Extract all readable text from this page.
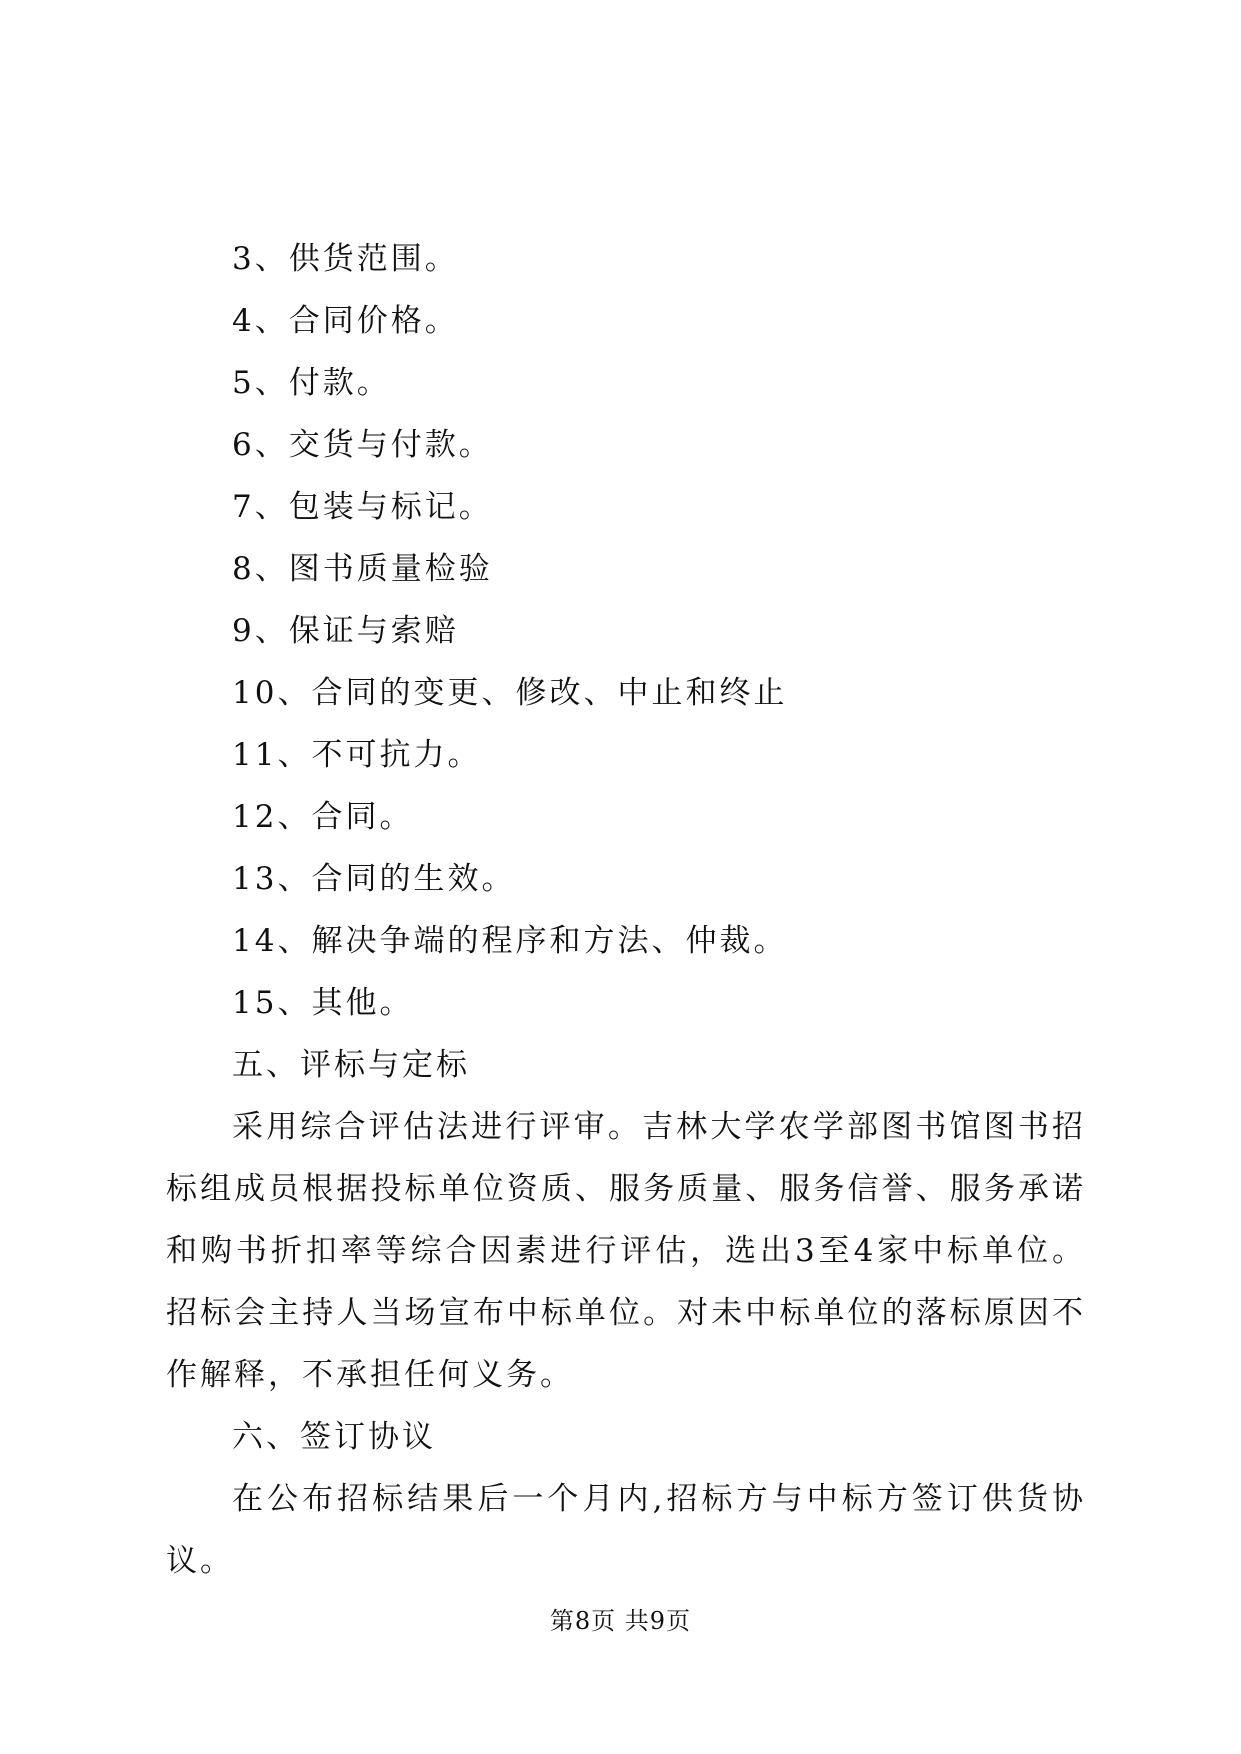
3、供货范围。
4、合同价格。
5、付款。
6、交货与付款。
7、包装与标记。
8、图书质量检验
9、保证与索赔
10、合同的变更、修改、中止和终止
11、不可抗力。
12、合同。
13、合同的生效。
14、解决争端的程序和方法、仲裁。
15、其他。
五、评标与定标
采用综合评估法进行评审。吉林大学农学部图书馆图书招标组成员根据投标单位资质、服务质量、服务信誉、服务承诺和购书折扣率等综合因素进行评估，选出3至4家中标单位。招标会主持人当场宣布中标单位。对未中标单位的落标原因不作解释，不承担任何义务。
六、签订协议
在公布招标结果后一个月内,招标方与中标方签订供货协议。
第8页 共9页
